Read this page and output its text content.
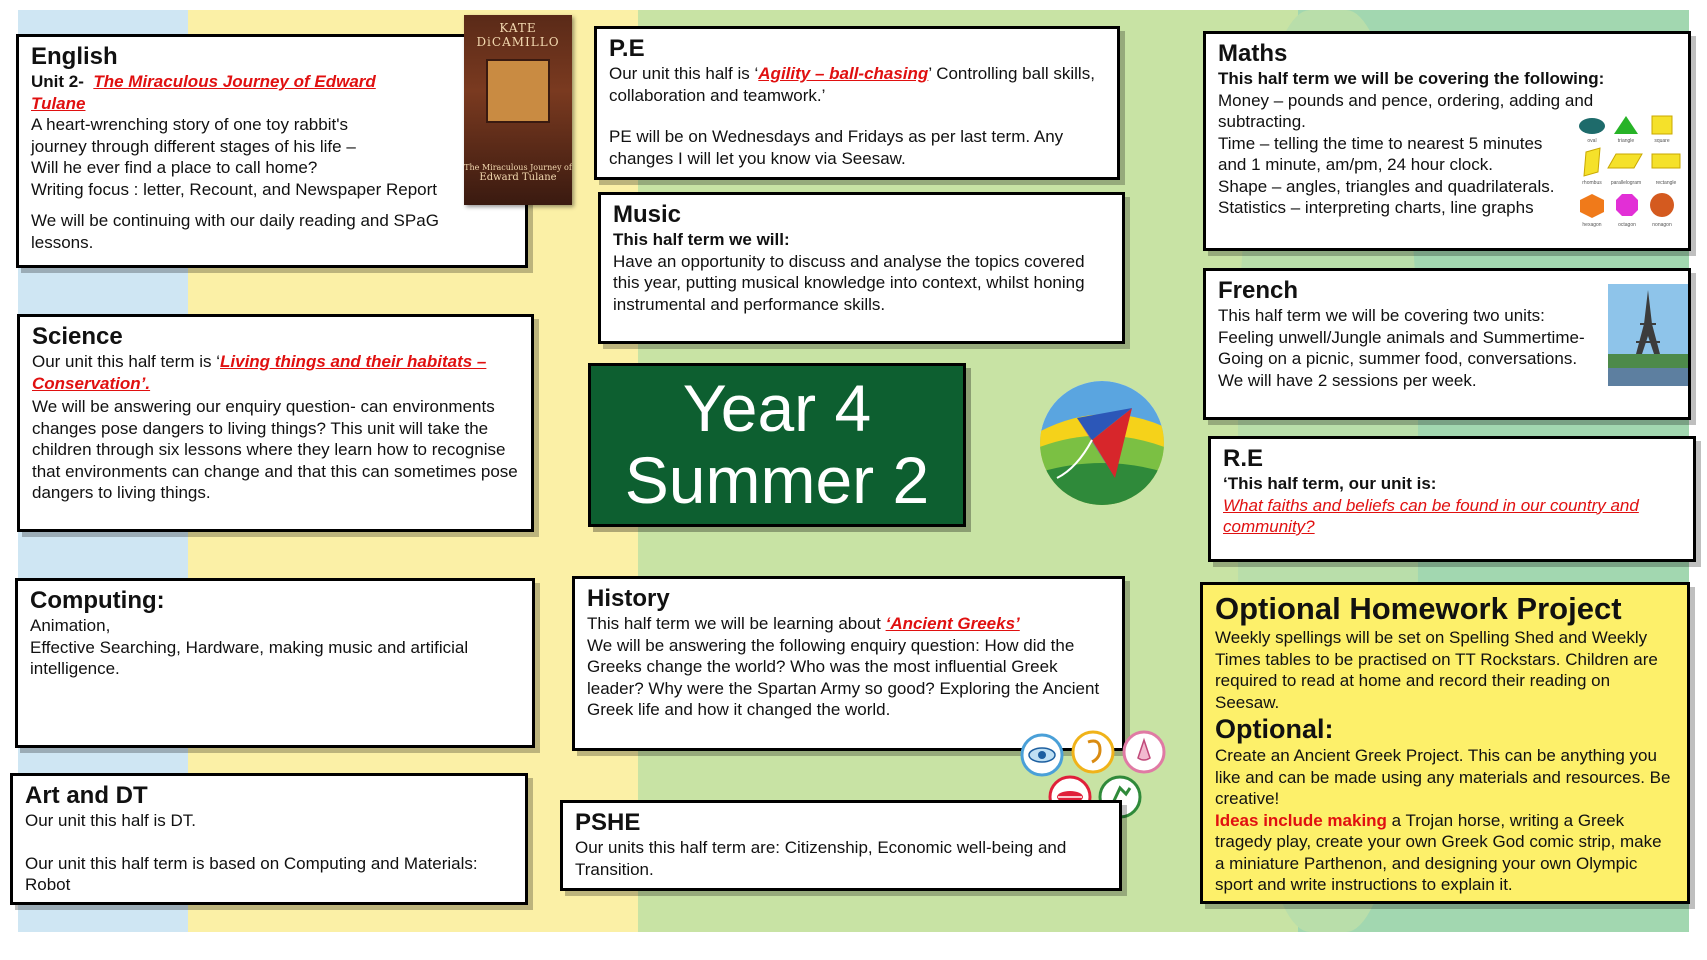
English
Unit 2- The Miraculous Journey of Edward Tulane
A heart-wrenching story of one toy rabbit's
journey through different stages of his life –
Will he ever find a place to call home?
Writing focus : letter, Recount, and Newspaper Report
We will be continuing with our daily reading and SPaG lessons.
KATE DiCAMILLO
The Miraculous Journey of
Edward Tulane
Science
Our unit this half term is ‘Living things and their habitats – Conservation’.
We will be answering our enquiry question- can environments changes pose dangers to living things? This unit will take the children through six lessons where they learn how to recognise that environments can change and that this can sometimes pose dangers to living things.
Computing:
Animation,
Effective Searching, Hardware, making music and artificial intelligence.
Art and DT
Our unit this half is DT.
Our unit this half term is based on Computing and Materials: Robot
P.E
Our unit this half is ‘Agility – ball-chasing’ Controlling ball skills, collaboration and teamwork.’
PE will be on Wednesdays and Fridays as per last term. Any changes I will let you know via Seesaw.
Music
This half term we will:
Have an opportunity to discuss and analyse the topics covered this year, putting musical knowledge into context, whilst honing instrumental and performance skills.
Year 4
Summer 2
History
This half term we will be learning about ‘Ancient Greeks’
We will be answering the following enquiry question: How did the Greeks change the world? Who was the most influential Greek leader? Why were the Spartan Army so good? Exploring the Ancient Greek life and how it changed the world.
PSHE
Our units this half term are: Citizenship, Economic well-being and Transition.
Maths
This half term we will be covering the following:
Money – pounds and pence, ordering, adding and subtracting.
Time – telling the time to nearest 5 minutes and 1 minute, am/pm, 24 hour clock.
Shape – angles, triangles and quadrilaterals.
Statistics – interpreting charts, line graphs
oval	triangle	square
rhombus parallelogram	rectangle
hexagon	octagon	nonagon
French
This half term we will be covering two units:
Feeling unwell/Jungle animals and Summertime- Going on a picnic, summer food, conversations.
We will have 2 sessions per week.
R.E
‘This half term, our unit is:
What faiths and beliefs can be found in our country and community?
Optional Homework Project
Weekly spellings will be set on Spelling Shed and Weekly Times tables to be practised on TT Rockstars. Children are required to read at home and record their reading on Seesaw.
Optional:
Create an Ancient Greek Project. This can be anything you like and can be made using any materials and resources. Be creative!
Ideas include making a Trojan horse, writing a Greek tragedy play, create your own Greek God comic strip, make a miniature Parthenon, and designing your own Olympic sport and write instructions to explain it.
